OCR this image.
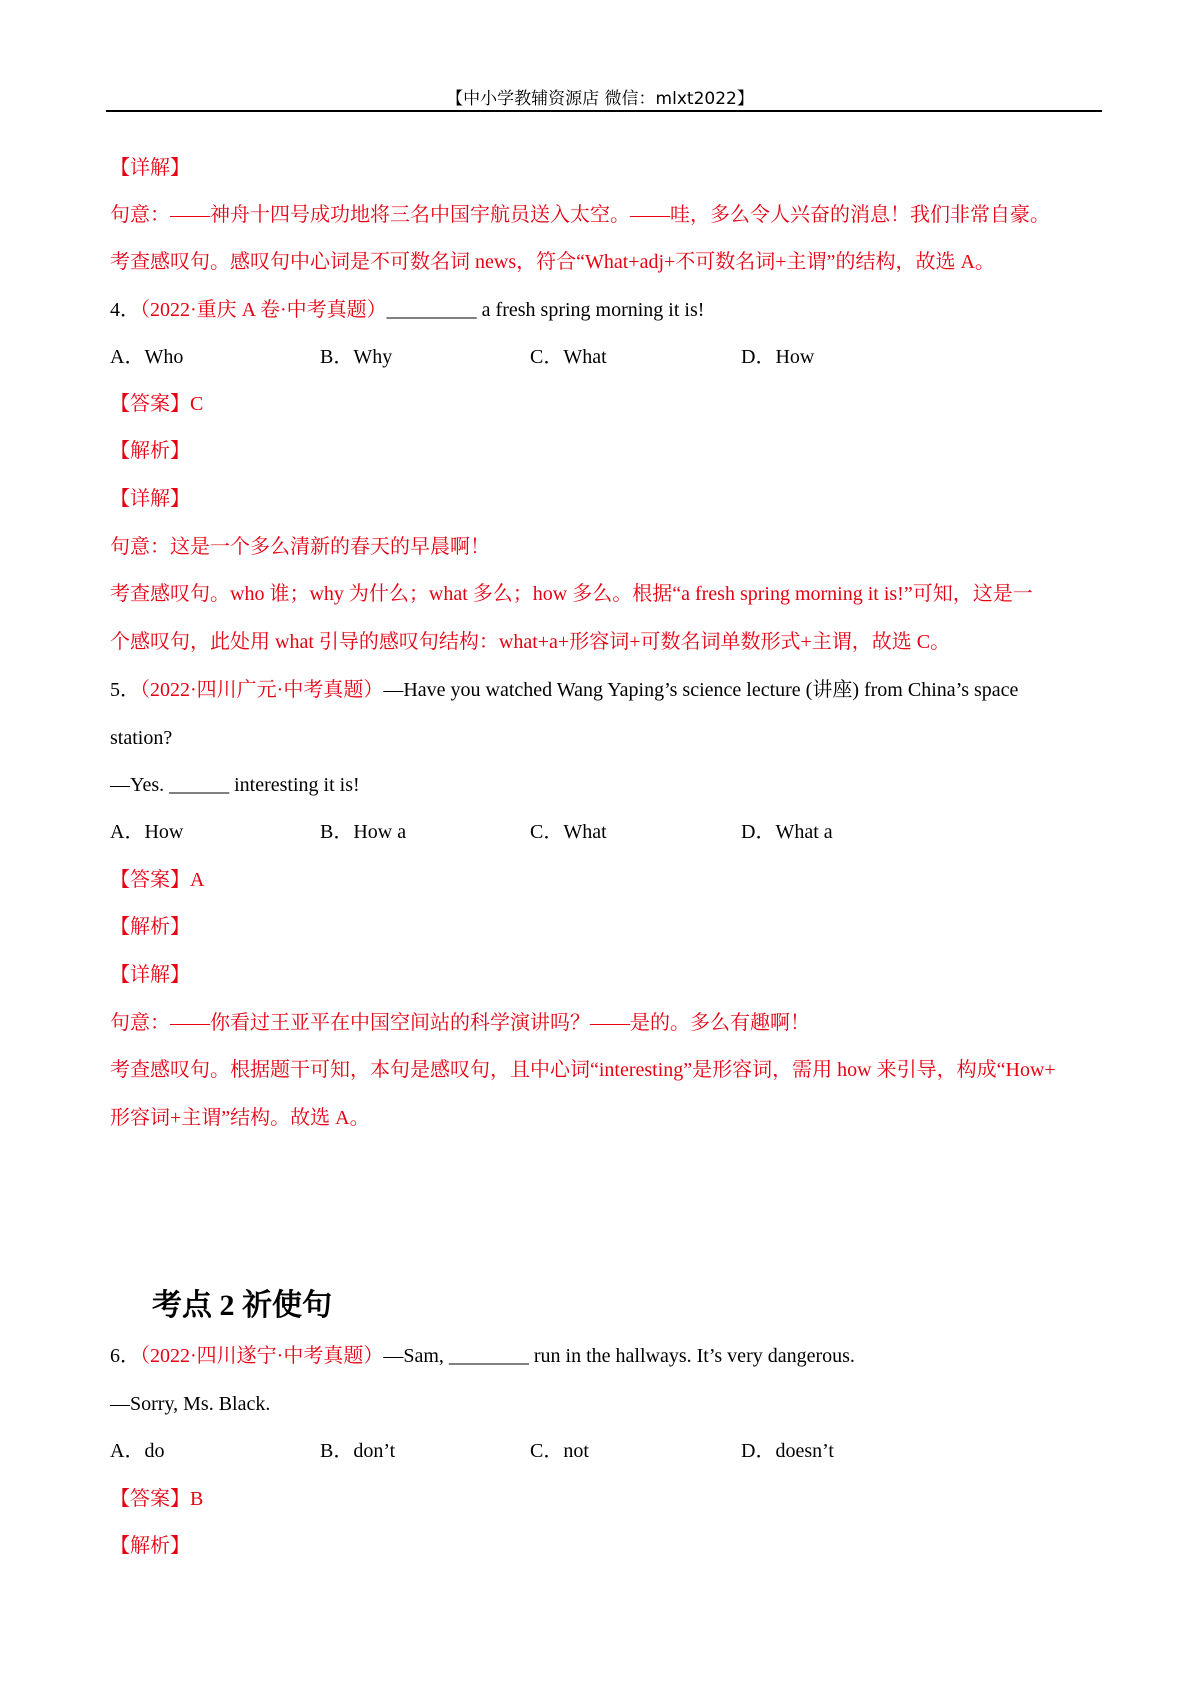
【中小学教辅资源店 微信：mlxt2022】
【详解】
句意：——神舟十四号成功地将三名中国宇航员送入太空。——哇，多么令人兴奋的消息！我们非常自豪。
考查感叹句。感叹句中心词是不可数名词 news，符合“What+adj+不可数名词+主谓”的结构，故选 A。
4．（2022·重庆 A 卷·中考真题）_________ a fresh spring morning it is!
A．Who	B．Why	C．What	D．How
【答案】C
【解析】
【详解】
句意：这是一个多么清新的春天的早晨啊！
考查感叹句。who 谁；why 为什么；what 多么；how 多么。根据“a fresh spring morning it is!”可知，这是一
个感叹句，此处用 what 引导的感叹句结构：what+a+形容词+可数名词单数形式+主谓，故选 C。
5．（2022·四川广元·中考真题）—Have you watched Wang Yaping’s science lecture (讲座) from China’s space
station?
—Yes. ______ interesting it is!
A．How	B．How a	C．What	D．What a
【答案】A
【解析】
【详解】
句意：——你看过王亚平在中国空间站的科学演讲吗？——是的。多么有趣啊！
考查感叹句。根据题干可知，本句是感叹句，且中心词“interesting”是形容词，需用 how 来引导，构成“How+
形容词+主谓”结构。故选 A。
考点 2 祈使句
6．（2022·四川遂宁·中考真题）—Sam, ________ run in the hallways. It’s very dangerous.
—Sorry, Ms. Black.
A．do	B．don’t	C．not	D．doesn’t
【答案】B
【解析】
